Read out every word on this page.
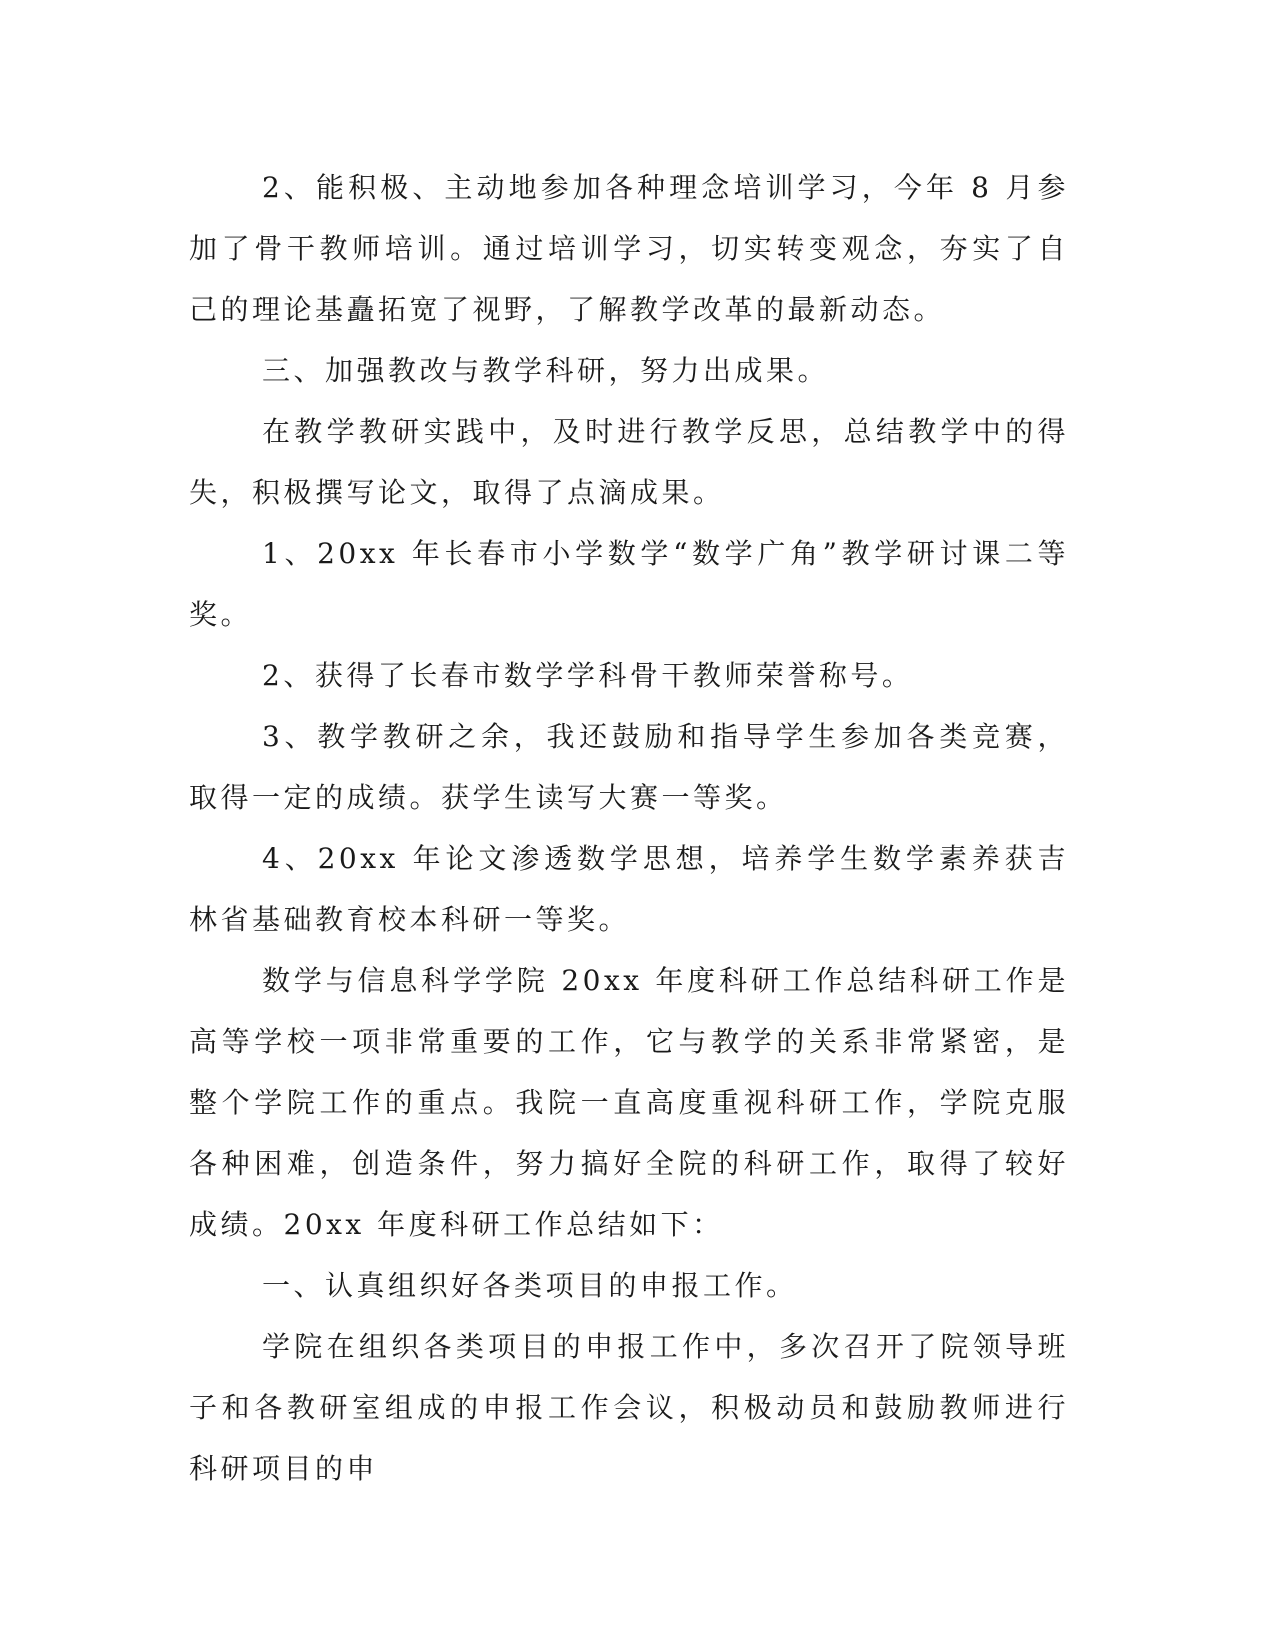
2、能积极、主动地参加各种理念培训学习，今年 8 月参加了骨干教师培训。通过培训学习，切实转变观念，夯实了自己的理论基矗拓宽了视野，了解教学改革的最新动态。

三、加强教改与教学科研，努力出成果。

在教学教研实践中，及时进行教学反思，总结教学中的得失，积极撰写论文，取得了点滴成果。

1、20xx 年长春市小学数学“数学广角”教学研讨课二等奖。

2、获得了长春市数学学科骨干教师荣誉称号。

3、教学教研之余，我还鼓励和指导学生参加各类竞赛，取得一定的成绩。获学生读写大赛一等奖。

4、20xx 年论文渗透数学思想，培养学生数学素养获吉林省基础教育校本科研一等奖。

数学与信息科学学院 20xx 年度科研工作总结科研工作是高等学校一项非常重要的工作，它与教学的关系非常紧密，是整个学院工作的重点。我院一直高度重视科研工作，学院克服各种困难，创造条件，努力搞好全院的科研工作，取得了较好成绩。20xx 年度科研工作总结如下：

一、认真组织好各类项目的申报工作。

学院在组织各类项目的申报工作中，多次召开了院领导班子和各教研室组成的申报工作会议，积极动员和鼓励教师进行科研项目的申
